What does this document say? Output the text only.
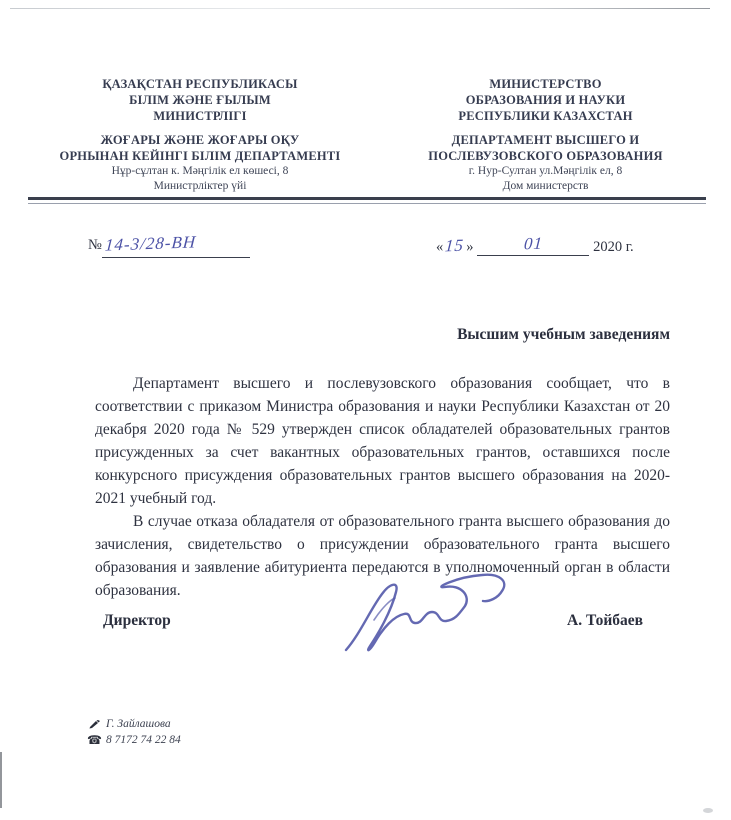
ҚАЗАҚСТАН РЕСПУБЛИКАСЫ
БІЛІМ ЖӘНЕ ҒЫЛЫМ
МИНИСТРЛІГІ
ЖОҒАРЫ ЖӘНЕ ЖОҒАРЫ ОҚУ
ОРНЫНАН КЕЙІНГІ БІЛІМ ДЕПАРТАМЕНТІ
Нұр-сұлтан к. Мәңгілік ел көшесі, 8
Министрліктер үйі
МИНИСТЕРСТВО
ОБРАЗОВАНИЯ И НАУКИ
РЕСПУБЛИКИ КАЗАХСТАН
ДЕПАРТАМЕНТ ВЫСШЕГО И
ПОСЛЕВУЗОВСКОГО ОБРАЗОВАНИЯ
г. Нур-Султан ул.Мәңгілік ел, 8
Дом министерств
№ 14-3/28-ВН	«15»	01	2020 г.
Высшим учебным заведениям

Департамент высшего и послевузовского образования сообщает, что в соответствии с приказом Министра образования и науки Республики Казахстан от 20 декабря 2020 года № 529 утвержден список обладателей образовательных грантов присужденных за счет вакантных образовательных грантов, оставшихся после конкурсного присуждения образовательных грантов высшего образования на 2020-2021 учебный год.

В случае отказа обладателя от образовательного гранта высшего образования до зачисления, свидетельство о присуждении образовательного гранта высшего образования и заявление абитуриента передаются в уполномоченный орган в области образования.

Директор	А. Тойбаев
Г. Зайлашова
☎ 8 7172 74 22 84
